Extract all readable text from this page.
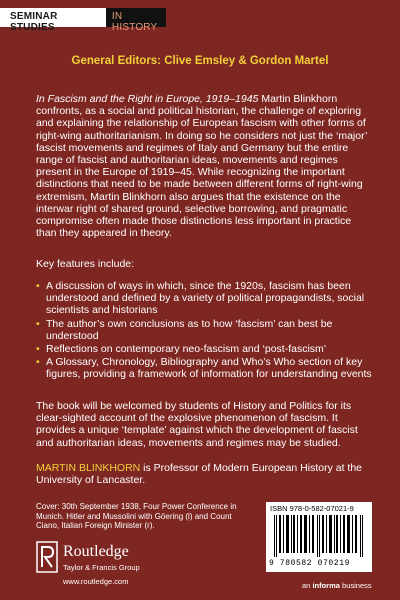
SEMINAR STUDIES
IN HISTORY
General Editors: Clive Emsley & Gordon Martel

In Fascism and the Right in Europe, 1919–1945 Martin Blinkhorn confronts, as a social and political historian, the challenge of exploring and explaining the relationship of European fascism with other forms of right-wing authoritarianism. In doing so he considers not just the ‘major’ fascist movements and regimes of Italy and Germany but the entire range of fascist and authoritarian ideas, movements and regimes present in the Europe of 1919–45. While recognizing the important distinctions that need to be made between different forms of right-wing extremism, Martin Blinkhorn also argues that the existence on the interwar right of shared ground, selective borrowing, and pragmatic compromise often made those distinctions less important in practice than they appeared in theory.

Key features include:

• A discussion of ways in which, since the 1920s, fascism has been understood and defined by a variety of political propagandists, social scientists and historians
• The author’s own conclusions as to how ‘fascism’ can best be understood
• Reflections on contemporary neo-fascism and ‘post-fascism’
• A Glossary, Chronology, Bibliography and Who’s Who section of key figures, providing a framework of information for understanding events

The book will be welcomed by students of History and Politics for its clear-sighted account of the explosive phenomenon of fascism. It provides a unique ‘template’ against which the development of fascist and authoritarian ideas, movements and regimes may be studied.

MARTIN BLINKHORN is Professor of Modern European History at the University of Lancaster.

Cover: 30th September 1938, Four Power Conference in Munich. Hitler and Mussolini with Göering (l) and Count Ciano, Italian Foreign Minister (r).

Routledge
Taylor & Francis Group
www.routledge.com
ISBN 978-0-582-07021-9
9 780582 070219
an informa business
